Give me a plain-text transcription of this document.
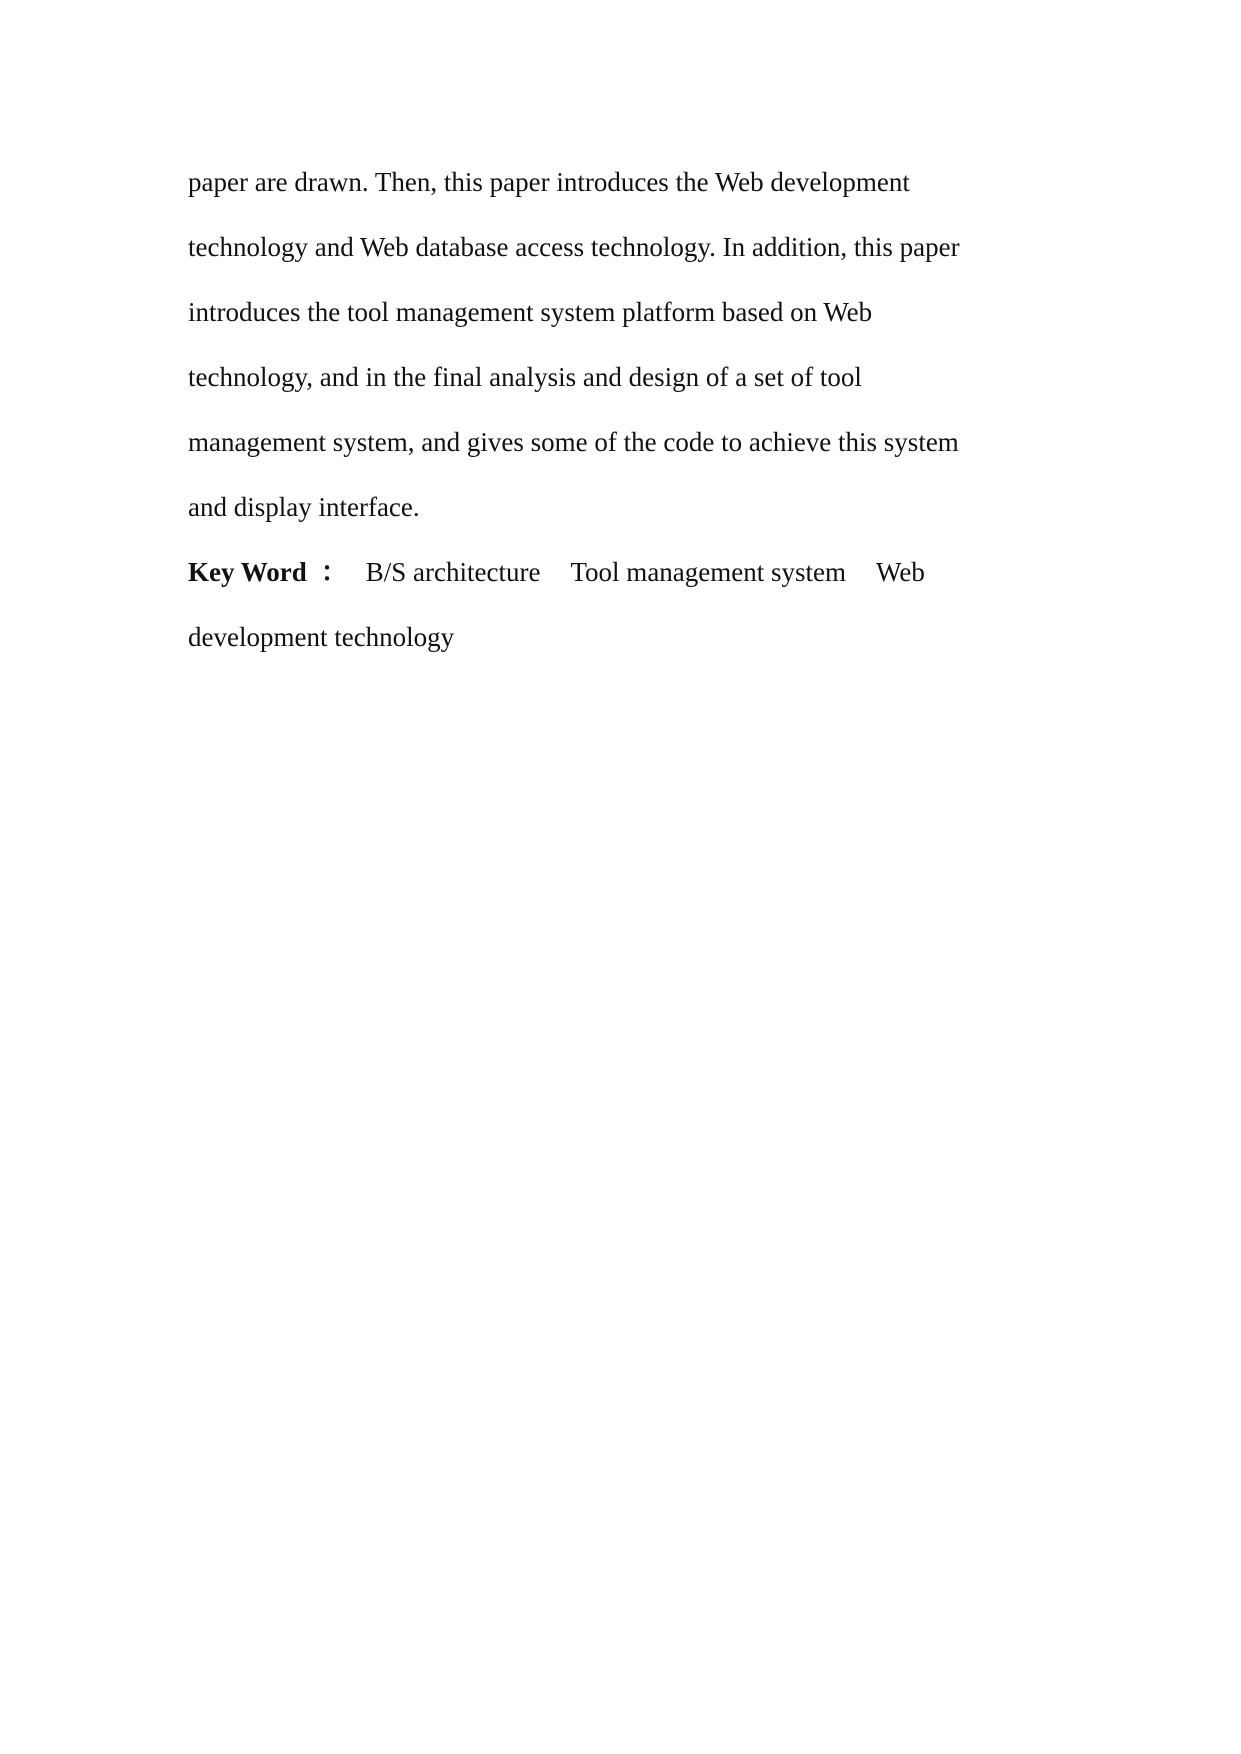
paper are drawn. Then, this paper introduces the Web development
technology and Web database access technology. In addition, this paper
introduces the tool management system platform based on Web
technology, and in the final analysis and design of a set of tool
management system, and gives some of the code to achieve this system
and display interface.
Key Word ： B/S architecture Tool management system Web
development technology
